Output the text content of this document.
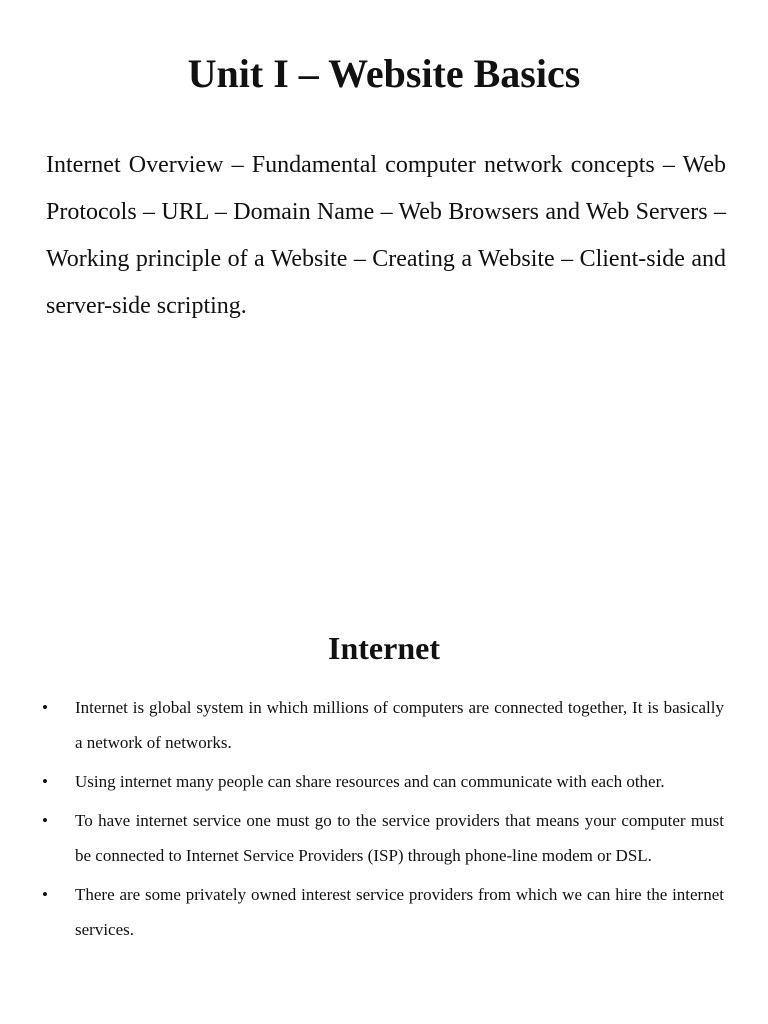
Unit I – Website Basics

Internet Overview – Fundamental computer network concepts – Web Protocols – URL – Domain Name – Web Browsers and Web Servers – Working principle of a Website – Creating a Website – Client-side and server-side scripting.

Internet
• Internet is global system in which millions of computers are connected together, It is basically a network of networks.
• Using internet many people can share resources and can communicate with each other.
• To have internet service one must go to the service providers that means your computer must be connected to Internet Service Providers (ISP) through phone-line modem or DSL.
• There are some privately owned interest service providers from which we can hire the internet services.
